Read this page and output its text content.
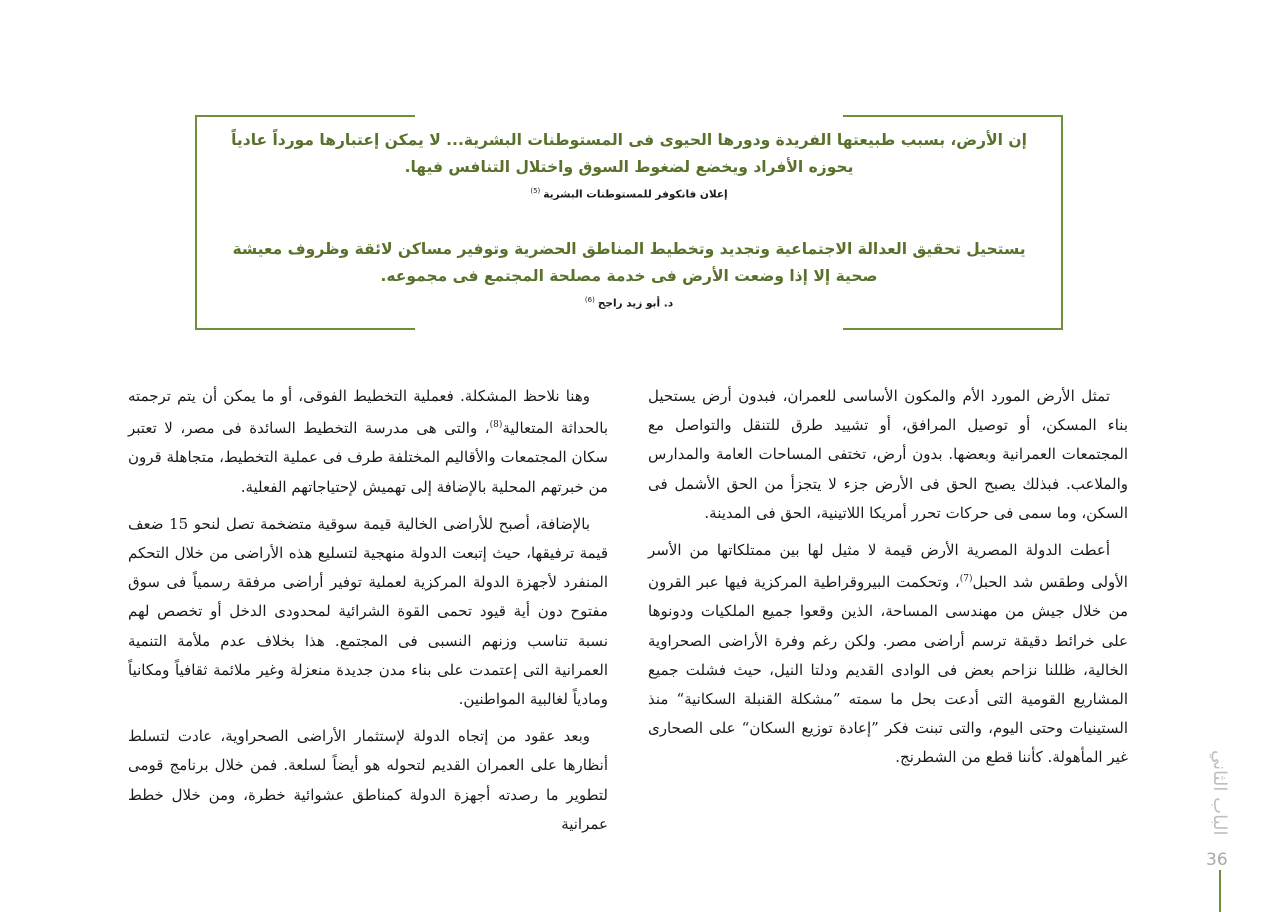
إن الأرض، بسبب طبيعتها الفريدة ودورها الحيوى فى المستوطنات البشرية... لا يمكن إعتبارها مورداً عادياً يحوزه الأفراد ويخضع لضغوط السوق واختلال التنافس فيها.
إعلان فانكوفر للمستوطنات البشرية$^{(5)}$
يستحيل تحقيق العدالة الاجتماعية وتجديد وتخطيط المناطق الحضرية وتوفير مساكن لائقة وظروف معيشة صحية إلا إذا وضعت الأرض فى خدمة مصلحة المجتمع فى مجموعه.
د. أبو زيد راجح$^{(6)}$

تمثل الأرض المورد الأم والمكون الأساسى للعمران، فبدون أرض يستحيل بناء المسكن، أو توصيل المرافق، أو تشييد طرق للتنقل والتواصل مع المجتمعات العمرانية وبعضها. بدون أرض، تختفى المساحات العامة والمدارس والملاعب. فبذلك يصبح الحق فى الأرض جزء لا يتجزأ من الحق الأشمل فى السكن، وما سمى فى حركات تحرر أمريكا اللاتينية، الحق فى المدينة.

أعطت الدولة المصرية الأرض قيمة لا مثيل لها بين ممتلكاتها من الأسر الأولى وطقس شد الحبل$^{(7)}$، وتحكمت البيروقراطية المركزية فيها عبر القرون من خلال جيش من مهندسى المساحة، الذين وقعوا جميع الملكيات ودونوها على خرائط دقيقة ترسم أراضى مصر. ولكن رغم وفرة الأراضى الصحراوية الخالية، ظللنا نزاحم بعض فى الوادى القديم ودلتا النيل، حيث فشلت جميع المشاريع القومية التى أدعت بحل ما سمته ”مشكلة القنبلة السكانية“ منذ الستينيات وحتى اليوم، والتى تبنت فكر ”إعادة توزيع السكان“ على الصحارى غير المأهولة. كأننا قطع من الشطرنج.

وهنا نلاحظ المشكلة. فعملية التخطيط الفوقى، أو ما يمكن أن يتم ترجمته بالحداثة المتعالية$^{(8)}$، والتى هى مدرسة التخطيط السائدة فى مصر، لا تعتبر سكان المجتمعات والأقاليم المختلفة طرف فى عملية التخطيط، متجاهلة قرون من خبرتهم المحلية بالإضافة إلى تهميش لإحتياجاتهم الفعلية.

بالإضافة، أصبح للأراضى الخالية قيمة سوقية متضخمة تصل لنحو 15 ضعف قيمة ترفيقها، حيث إتبعت الدولة منهجية لتسليع هذه الأراضى من خلال التحكم المنفرد لأجهزة الدولة المركزية لعملية توفير أراضى مرفقة رسمياً فى سوق مفتوح دون أية قيود تحمى القوة الشرائية لمحدودى الدخل أو تخصص لهم نسبة تناسب وزنهم النسبى فى المجتمع. هذا بخلاف عدم ملأمة التنمية العمرانية التى إعتمدت على بناء مدن جديدة منعزلة وغير ملائمة ثقافياً ومكانياً ومادياً لغالبية المواطنين.

وبعد عقود من إتجاه الدولة لإستثمار الأراضى الصحراوية، عادت لتسلط أنظارها على العمران القديم لتحوله هو أيضاً لسلعة. فمن خلال برنامج قومى لتطوير ما رصدته أجهزة الدولة كمناطق عشوائية خطرة، ومن خلال خطط عمرانية	الباب الثاني
36
